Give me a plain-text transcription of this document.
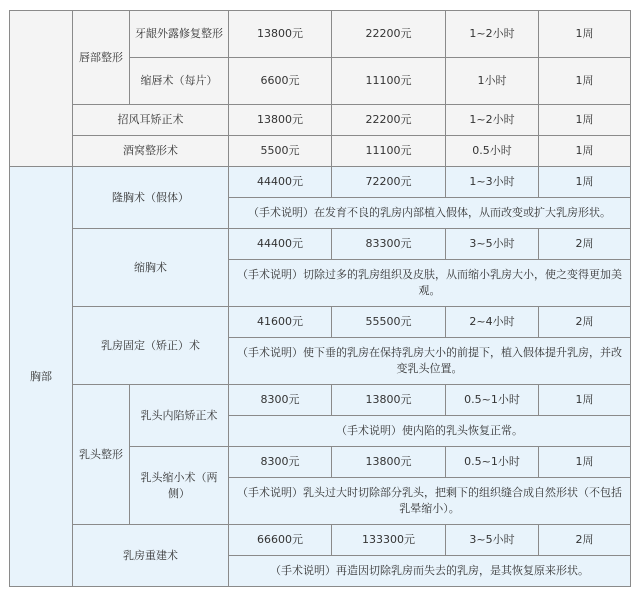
	唇部整形	牙龈外露修复整形	13800元	22200元	1~2小时	1周
		缩唇术（每片）	6600元	11100元	1小时	1周
	招风耳矫正术		13800元	22200元	1~2小时	1周
	酒窝整形术		5500元	11100元	0.5小时	1周
胸部	隆胸术（假体）		44400元	72200元	1~3小时	1周
			（手术说明）在发育不良的乳房内部植入假体，从而改变或扩大乳房形状。			
	缩胸术		44400元	83300元	3~5小时	2周
			（手术说明）切除过多的乳房组织及皮肤，从而缩小乳房大小，使之变得更加美观。			
	乳房固定（矫正）术		41600元	55500元	2~4小时	2周
			（手术说明）使下垂的乳房在保持乳房大小的前提下，植入假体提升乳房，并改变乳头位置。			
	乳头整形	乳头内陷矫正术	8300元	13800元	0.5~1小时	1周
			（手术说明）使内陷的乳头恢复正常。			
		乳头缩小术（两侧）	8300元	13800元	0.5~1小时	1周
			（手术说明）乳头过大时切除部分乳头，把剩下的组织缝合成自然形状（不包括乳晕缩小）。			
	乳房重建术		66600元	133300元	3~5小时	2周
			（手术说明）再造因切除乳房而失去的乳房，是其恢复原来形状。			
